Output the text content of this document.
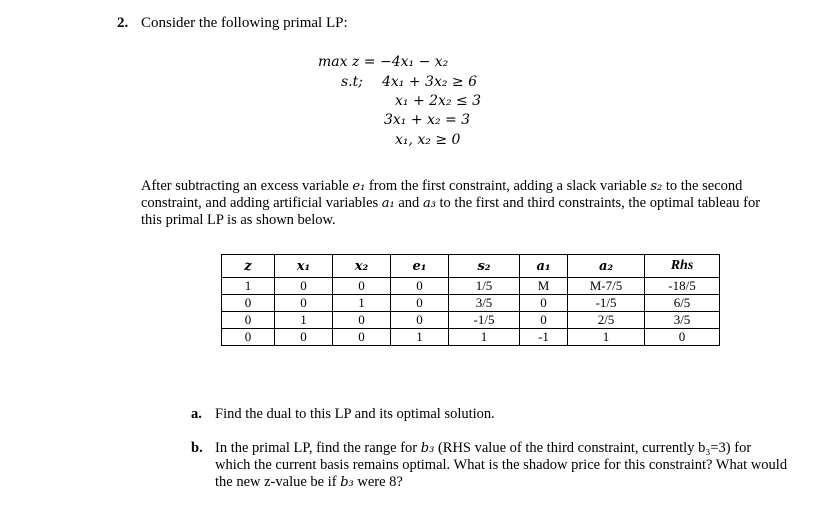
2. Consider the following primal LP:
max z = −4x₁ − x₂
s.t; 4x₁ + 3x₂ ≥ 6
x₁ + 2x₂ ≤ 3
3x₁ + x₂ = 3
x₁, x₂ ≥ 0
After subtracting an excess variable e₁ from the first constraint, adding a slack variable s₂ to the second constraint, and adding artificial variables a₁ and a₃ to the first and third constraints, the optimal tableau for this primal LP is as shown below.
z	x₁	x₂	e₁	s₂	a₁	a₂	Rhs
1	0	0	0	1/5	M	M-7/5	-18/5
0	0	1	0	3/5	0	-1/5	6/5
0	1	0	0	-1/5	0	2/5	3/5
0	0	0	1	1	-1	1	0
a. Find the dual to this LP and its optimal solution.
b. In the primal LP, find the range for b₃ (RHS value of the third constraint, currently b₃=3) for which the current basis remains optimal. What is the shadow price for this constraint? What would the new z-value be if b₃ were 8?
